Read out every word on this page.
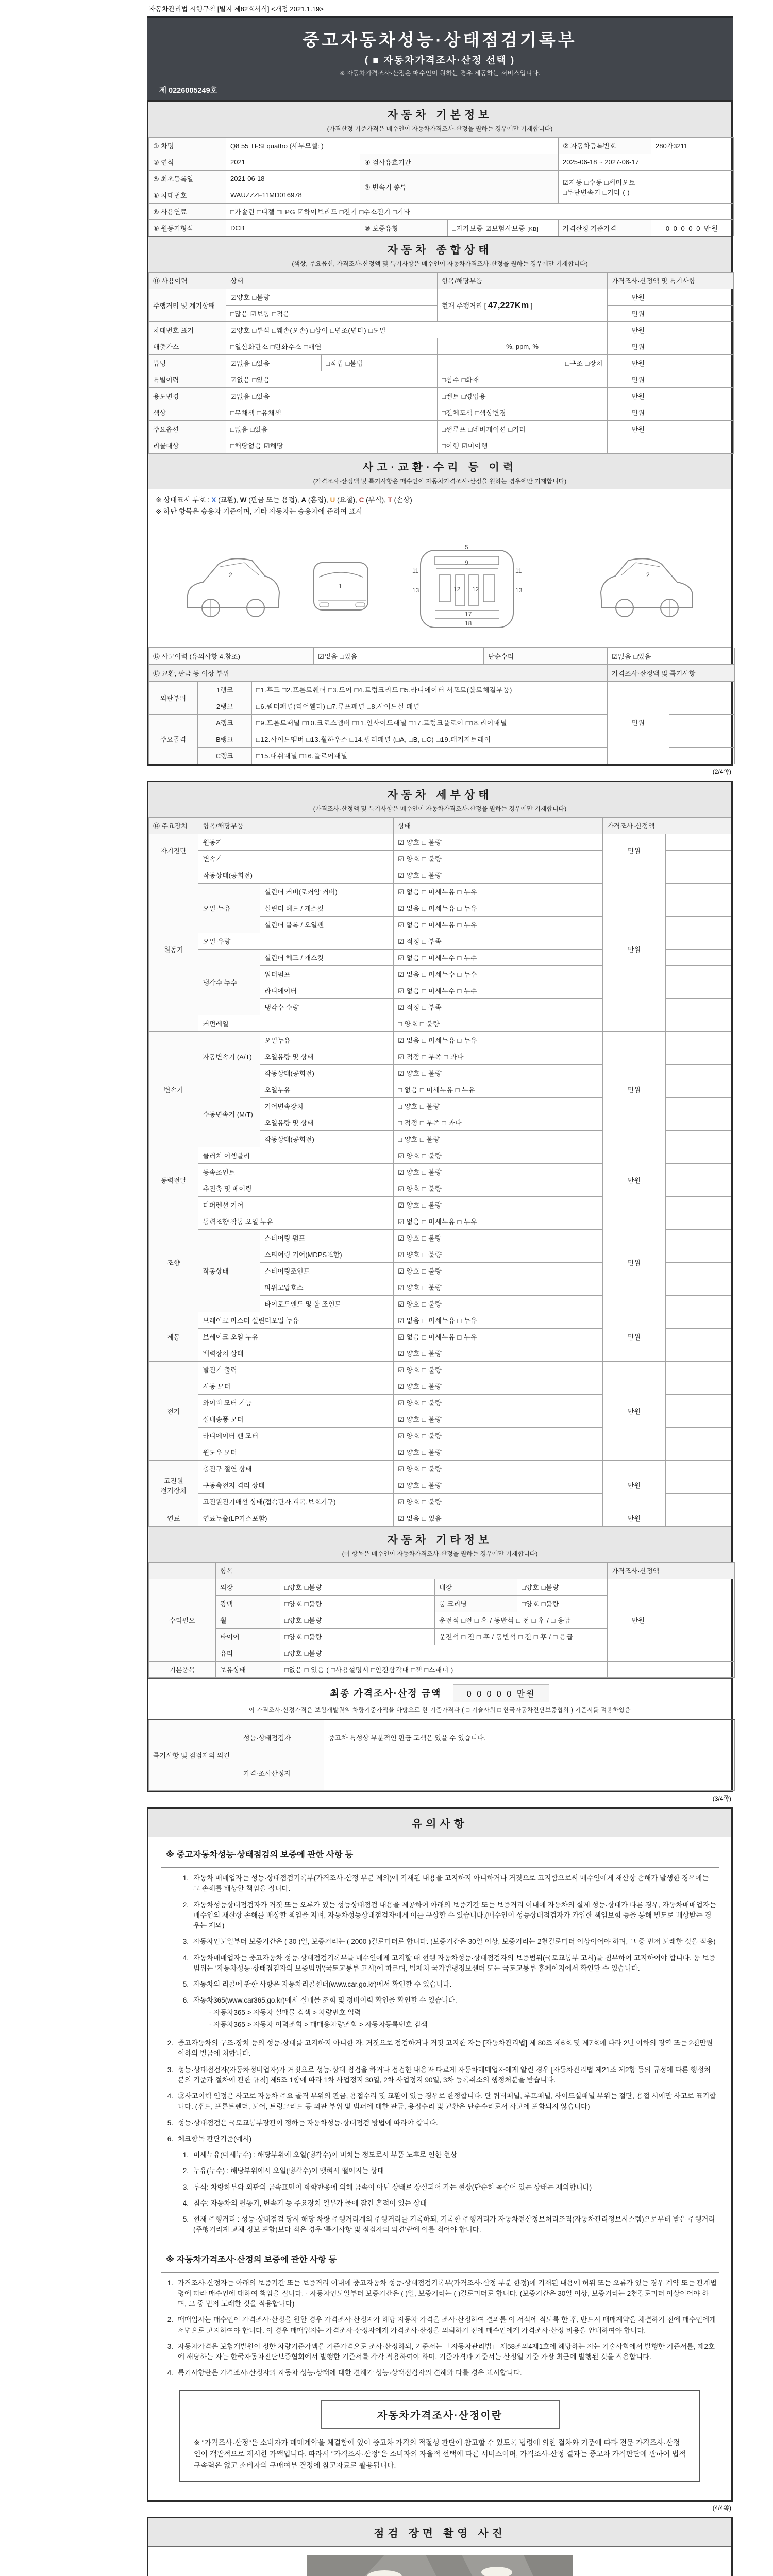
자동차관리법 시행규칙 [별지 제82호서식] <개정 2021.1.19>
중고자동차성능·상태점검기록부
( ■ 자동차가격조사·산정 선택 )
※ 자동차가격조사·산정은 매수인이 원하는 경우 제공하는 서비스입니다.
제 0226005249호
자동차 기본정보
(가격산정 기준가격은 매수인이 자동차가격조사·산정을 원하는 경우에만 기재합니다)
① 차명	Q8 55 TFSI quattro (세부모델: )			② 자동차등록번호	280가3211
③ 연식	2021	④ 검사유효기간		2025-06-18 ~ 2027-06-17	
⑤ 최초등록일	2021-06-18	⑦ 변속기 종류		☑자동 □수동 □세미오토
□무단변속기 □기타 ( )	

⑥ 차대번호	WAUZZZF11MD016978				
⑧ 사용연료	□가솔린 □디젤 □LPG ☑하이브리드 □전기 □수소전기 □기타				
⑨ 원동기형식	DCB	⑩ 보증유형	□자가보증 ☑보험사보증 [KB]	가격산정 기준가격	0 0 0 0 0 만원
자동차 종합상태
(색상, 주요옵션, 가격조사·산정액 및 특기사항은 매수인이 자동차가격조사·산정을 원하는 경우에만 기재합니다)
⑪ 사용이력	상태		항목/해당부품	가격조사·산정액 및 특기사항	
주행거리 및 계기상태	☑양호 □불량		현재 주행거리 [ 47,227Km ]	만원	
	□많음 ☑보통 □적음			만원	
차대번호 표기	☑양호 □부식 □훼손(오손) □상이 □변조(변타) □도말			만원	
배출가스	□일산화탄소 □탄화수소 □매연		%, ppm, %	만원	
튜닝	☑없음 □있음	□적법 □불법	□구조 □장치	만원	
특별이력	☑없음 □있음		□침수 □화재	만원	
용도변경	☑없음 □있음		□렌트 □영업용	만원	
색상	□무채색 □유채색		□전체도색 □색상변경	만원	
주요옵션	□없음 □있음		□썬루프 □네비게이션 □기타	만원	
리콜대상	□해당없음 ☑해당		□이행 ☑미이행		
사고·교환·수리 등 이력
(가격조사·산정액 및 특기사항은 매수인이 자동차가격조사·산정을 원하는 경우에만 기재합니다)
※ 상태표시 부호 : X (교환), W (판금 또는 용접), A (흠집), U (요철), C (부식), T (손상)
※ 하단 항목은 승용차 기준이며, 기타 자동차는 승용차에 준하여 표시
2
1
11	11
13	13
12 12
9
5
17
18
2
⑫ 사고이력 (유의사항 4.참조)	☑없음 □있음	단순수리	☑없음 □있음
⑬ 교환, 판금 등 이상 부위			가격조사·산정액 및 특기사항	
외판부위	1랭크	□1.후드 □2.프론트휀더 □3.도어 □4.트렁크리드 □5.라디에이터 서포트(볼트체결부품)	만원	
	2랭크	□6.쿼터패널(리어휀다) □7.루프패널 □8.사이드실 패널		
주요골격	A랭크	□9.프론트패널 □10.크로스멤버 □11.인사이드패널 □17.트렁크플로어 □18.리어패널		
	B랭크	□12.사이드멤버 □13.휠하우스 □14.필러패널 (□A, □B, □C) □19.패키지트레이		
	C랭크	□15.대쉬패널 □16.플로어패널		
(2/4쪽)
자동차 세부상태
(가격조사·산정액 및 특기사항은 매수인이 자동차가격조사·산정을 원하는 경우에만 기재합니다)
⑭ 주요장치	항목/해당부품		상태	가격조사·산정액	
자기진단	원동기		☑ 양호 □ 불량	만원	
	변속기		☑ 양호 □ 불량		
원동기	작동상태(공회전)		☑ 양호 □ 불량	만원	
	오일 누유	실린더 커버(로커암 커버)	☑ 없음 □ 미세누유 □ 누유		
		실린더 헤드 / 개스킷	☑ 없음 □ 미세누유 □ 누유		
		실린더 블록 / 오일팬	☑ 없음 □ 미세누유 □ 누유		
	오일 유량		☑ 적정 □ 부족		
	냉각수 누수	실린더 헤드 / 개스킷	☑ 없음 □ 미세누수 □ 누수		
		워터펌프	☑ 없음 □ 미세누수 □ 누수		
		라디에이터	☑ 없음 □ 미세누수 □ 누수		
		냉각수 수량	☑ 적정 □ 부족		
	커먼레일		□ 양호 □ 불량		
변속기	자동변속기 (A/T)	오일누유	☑ 없음 □ 미세누유 □ 누유	만원	
		오일유량 및 상태	☑ 적정 □ 부족 □ 과다		
		작동상태(공회전)	☑ 양호 □ 불량		
	수동변속기 (M/T)	오일누유	□ 없음 □ 미세누유 □ 누유		
		기어변속장치	□ 양호 □ 불량		
		오일유량 및 상태	□ 적정 □ 부족 □ 과다		
		작동상태(공회전)	□ 양호 □ 불량		
동력전달	클러치 어셈블리		☑ 양호 □ 불량	만원	
	등속조인트		☑ 양호 □ 불량		
	추진축 및 베어링		☑ 양호 □ 불량		
	디퍼렌셜 기어		☑ 양호 □ 불량		
조향	동력조향 작동 오일 누유		☑ 없음 □ 미세누유 □ 누유	만원	
	작동상태	스티어링 펌프	☑ 양호 □ 불량		
		스티어링 기어(MDPS포함)	☑ 양호 □ 불량		
		스티어링조인트	☑ 양호 □ 불량		
		파워고압호스	☑ 양호 □ 불량		
		타이로드엔드 및 볼 조인트	☑ 양호 □ 불량		
제동	브레이크 마스터 실린더오일 누유		☑ 없음 □ 미세누유 □ 누유	만원	
	브레이크 오일 누유		☑ 없음 □ 미세누유 □ 누유		
	배력장치 상태		☑ 양호 □ 불량		
전기	발전기 출력		☑ 양호 □ 불량	만원	
	시동 모터		☑ 양호 □ 불량		
	와이퍼 모터 기능		☑ 양호 □ 불량		
	실내송풍 모터		☑ 양호 □ 불량		
	라디에이터 팬 모터		☑ 양호 □ 불량		
	윈도우 모터		☑ 양호 □ 불량		
고전원 전기장치	충전구 절연 상태		☑ 양호 □ 불량	만원	
	구동축전지 격리 상태		☑ 양호 □ 불량		
	고전원전기배선 상태(접속단자,피복,보호기구)		☑ 양호 □ 불량		
연료	연료누출(LP가스포함)		☑ 없음 □ 있음	만원	
자동차 기타정보
(이 항목은 매수인이 자동차가격조사·산정을 원하는 경우에만 기재합니다)
	항목				가격조사·산정액	
수리필요	외장	□양호 □불량	내장	□양호 □불량	만원	
	광택	□양호 □불량	룸 크리닝	□양호 □불량		
	휠	□양호 □불량	운전석 □전 □ 후 / 동반석 □ 전 □ 후 / □ 응급			
	타이어	□양호 □불량	운전석 □ 전 □ 후 / 동반석 □ 전 □ 후 / □ 응급			
	유리	□양호 □불량				
기본품목	보유상태	□없음 □ 있음 ( □사용설명서 □안전삼각대 □잭 □스패너 )				
최종 가격조사·산정 금액	0 0 0 0 0 만원
이 가격조사·산정가격은 보험개발원의 차량기준가액을 바탕으로 한 기준가격과 ( □ 기술사회 □ 한국자동차진단보증협회 ) 기준서를 적용하였음
특기사항 및 점검자의 의견	성능·상태점검자	중고차 특성상 부분적인 판금 도색은 있을 수 있습니다.
	가격·조사산정자	
(3/4쪽)
유의사항
※ 중고자동차성능·상태점검의 보증에 관한 사항 등
1. 자동차 매매업자는 성능·상태점검기록부(가격조사·산정 부분 제외)에 기재된 내용을 고지하지 아니하거나 거짓으로 고지함으로써 매수인에게 재산상 손해가 발생한 경우에는 그 손해를 배상할 책임을 집니다.
2. 자동차성능상태점검자가 거짓 또는 오류가 있는 성능상태점검 내용을 제공하여 아래의 보증기간 또는 보증거리 이내에 자동차의 실제 성능·상태가 다른 경우, 자동차매매업자는 매수인의 재산상 손해를 배상할 책임을 지며, 자동차성능상태점검자에게 이를 구상할 수 있습니다.(매수인이 성능상태점검자가 가입한 책임보험 등을 통해 별도로 배상받는 경우는 제외)
3. 자동차인도일부터 보증기간은 ( 30 )일, 보증거리는 ( 2000 )킬로미터로 합니다. (보증기간은 30일 이상, 보증거리는 2천킬로미터 이상이어야 하며, 그 중 먼저 도래한 것을 적용)
4. 자동차매매업자는 중고자동차 성능·상태점검기록부를 매수인에게 고지할 때 현행 자동차성능·상태점검자의 보증범위(국토교통부 고시)를 첨부하여 고지하여야 합니다. 동 보증범위는 '자동차성능·상태점검자의 보증범위'(국토교통부 고시)에 따르며, 법제처 국가법령정보센터 또는 국토교통부 홈페이지에서 확인할 수 있습니다.
5. 자동차의 리콜에 관한 사항은 자동차리콜센터(www.car.go.kr)에서 확인할 수 있습니다.
6. 자동차365(www.car365.go.kr)에서 실매물 조회 및 정비이력 확인을 확인할 수 있습니다.
- 자동차365 > 자동차 실매물 검색 > 차량번호 입력
- 자동차365 > 자동차 이력조회 > 매매용차량조회 > 자동차등록번호 검색
2. 중고자동차의 구조·장치 등의 성능·상태를 고지하지 아니한 자, 거짓으로 점검하거나 거짓 고지한 자는 [자동차관리법] 제 80조 제6호 및 제7호에 따라 2년 이하의 징역 또는 2천만원 이하의 벌금에 처합니다.
3. 성능·상태점검자(자동차정비업자)가 거짓으로 성능·상태 점검을 하거나 점검한 내용과 다르게 자동차매매업자에게 알린 경우 [자동차관리법 제21조 제2항 등의 규정에 따른 행정처분의 기준과 절차에 관한 규칙] 제5조 1항에 따라 1차 사업정지 30일, 2차 사업정지 90일, 3차 등록취소의 행정처분을 받습니다.
4. ⑫사고이력 인정은 사고로 자동차 주요 골격 부위의 판금, 용접수리 및 교환이 있는 경우로 한정합니다. 단 쿼터패널, 루프패널, 사이드실패널 부위는 절단, 용접 시에만 사고로 표기합니다. (후드, 프론트펜더, 도어, 트렁크리드 등 외판 부위 및 범퍼에 대한 판금, 용접수리 및 교환은 단순수리로서 사고에 포함되지 않습니다)
5. 성능·상태점검은 국토교통부장관이 정하는 자동차성능·상태점검 방법에 따라야 합니다.
6. 체크항목 판단기준(예시)
1. 미세누유(미세누수) : 해당부위에 오일(냉각수)이 비치는 정도로서 부품 노후로 인한 현상
2. 누유(누수) : 해당부위에서 오일(냉각수)이 맺혀서 떨어지는 상태
3. 부식: 차량하부와 외판의 금속표면이 화학반응에 의해 금속이 아닌 상태로 상실되어 가는 현상(단순히 녹슬어 있는 상태는 제외합니다)
4. 침수: 자동차의 원동기, 변속기 등 주요장치 일부가 물에 잠긴 흔적이 있는 상태
5. 현재 주행거리 : 성능·상태점검 당시 해당 차량 주행거리계의 주행거리를 기록하되, 기록한 주행거리가 자동차전산정보처리조직(자동차관리정보시스템)으로부터 받은 주행거리(주행거리계 교체 정보 포함)보다 적은 경우 '특기사항 및 점검자의 의견'란에 이를 적어야 합니다.
※ 자동차가격조사·산정의 보증에 관한 사항 등
1. 가격조사·산정자는 아래의 보증기간 또는 보증거리 이내에 중고자동차 성능·상태점검기록부(가격조사·산정 부분 한정)에 기재된 내용에 허위 또는 오류가 있는 경우 계약 또는 관계법령에 따라 매수인에 대하여 책임을 집니다. · 자동차인도일부터 보증기간은 ( )일, 보증거리는 ( )킬로미터로 합니다. (보증기간은 30일 이상, 보증거리는 2천킬로미터 이상이어야 하며, 그 중 먼저 도래한 것을 적용합니다)
2. 매매업자는 매수인이 가격조사·산정을 원할 경우 가격조사·산정자가 해당 자동차 가격을 조사·산정하여 결과를 이 서식에 적도록 한 후, 반드시 매매계약을 체결하기 전에 매수인에게 서면으로 고지하여야 합니다. 이 경우 매매업자는 가격조사·산정자에게 가격조사·산정을 의뢰하기 전에 매수인에게 가격조사·산정 비용을 안내하여야 합니다.
3. 자동차가격은 보험개발원이 정한 차량기준가액을 기준가격으로 조사·산정하되, 기준서는 「자동차관리법」 제58조의4제1호에 해당하는 자는 기술사회에서 발행한 기준서를, 제2호에 해당하는 자는 한국자동차진단보증협회에서 발행한 기준서를 각각 적용하여야 하며, 기준가격과 기준서는 산정일 기준 가장 최근에 발행된 것을 적용합니다.
4. 특기사항란은 가격조사·산정자의 자동차 성능·상태에 대한 견해가 성능·상태점검자의 견해와 다를 경우 표시합니다.
자동차가격조사·산정이란
※ "가격조사·산정"은 소비자가 매매계약을 체결함에 있어 중고차 가격의 적절성 판단에 참고할 수 있도록 법령에 의한 절차와 기준에 따라 전문 가격조사·산정인이 객관적으로 제시한 가액입니다. 따라서 "가격조사·산정"은 소비자의 자율적 선택에 따른 서비스이며, 가격조사·산정 결과는 중고차 가격판단에 관하여 법적 구속력은 없고 소비자의 구매여부 결정에 참고자료로 활용됩니다.
(4/4쪽)
점검 장면 촬영 사진
